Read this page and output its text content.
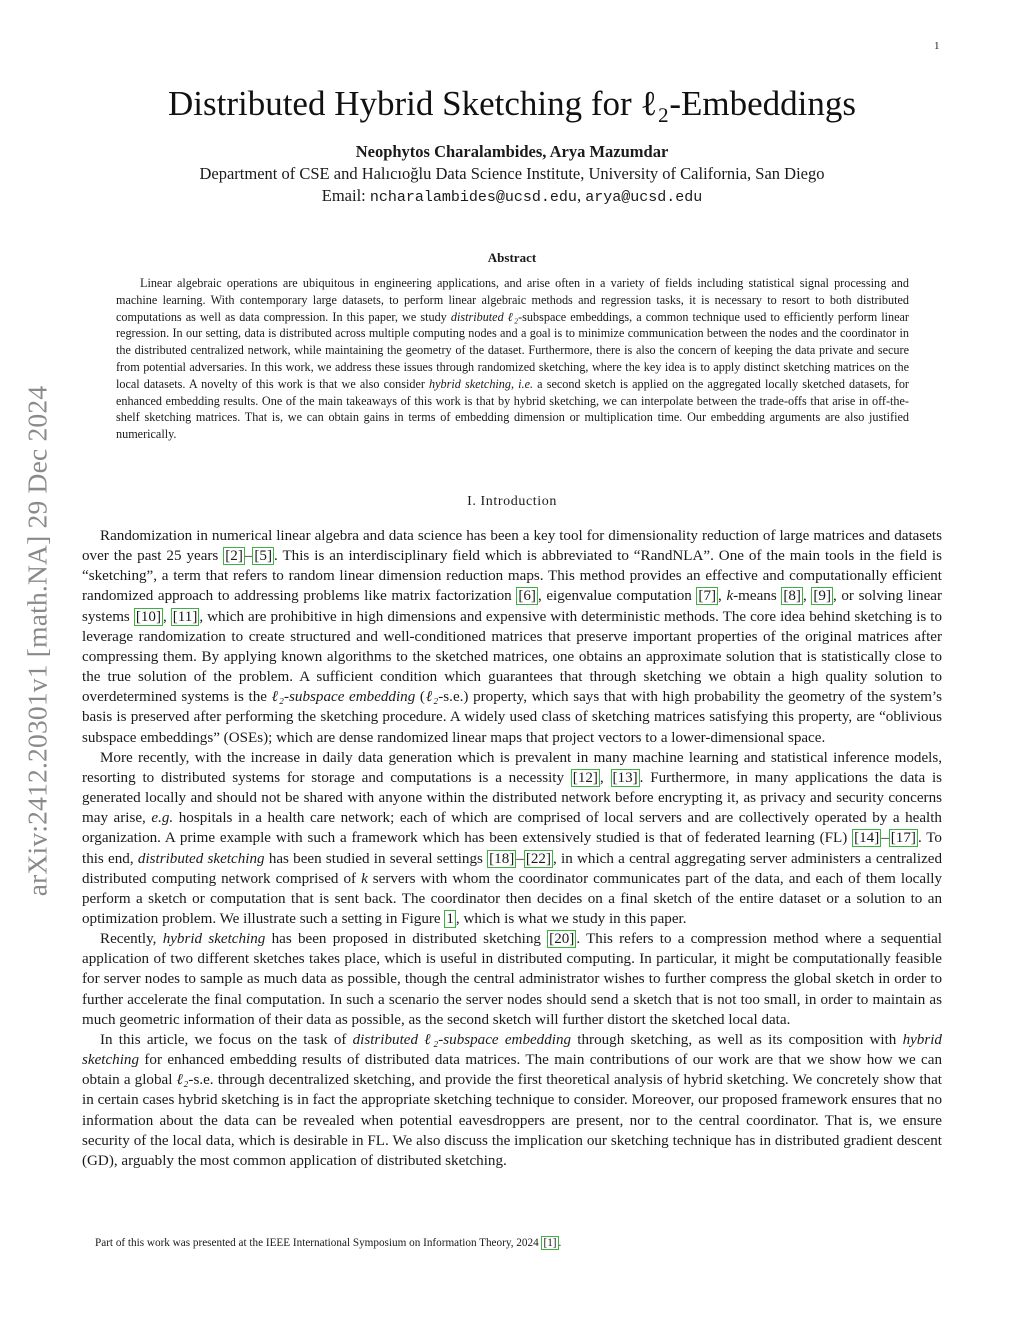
1
arXiv:2412.20301v1 [math.NA] 29 Dec 2024
Distributed Hybrid Sketching for ℓ₂-Embeddings
Neophytos Charalambides, Arya Mazumdar
Department of CSE and Halıcıoğlu Data Science Institute, University of California, San Diego
Email: ncharalambides@ucsd.edu, arya@ucsd.edu
Abstract

Linear algebraic operations are ubiquitous in engineering applications, and arise often in a variety of fields including statistical signal processing and machine learning. With contemporary large datasets, to perform linear algebraic methods and regression tasks, it is necessary to resort to both distributed computations as well as data compression. In this paper, we study distributed ℓ₂-subspace embeddings, a common technique used to efficiently perform linear regression. In our setting, data is distributed across multiple computing nodes and a goal is to minimize communication between the nodes and the coordinator in the distributed centralized network, while maintaining the geometry of the dataset. Furthermore, there is also the concern of keeping the data private and secure from potential adversaries. In this work, we address these issues through randomized sketching, where the key idea is to apply distinct sketching matrices on the local datasets. A novelty of this work is that we also consider hybrid sketching, i.e. a second sketch is applied on the aggregated locally sketched datasets, for enhanced embedding results. One of the main takeaways of this work is that by hybrid sketching, we can interpolate between the trade-offs that arise in off-the-shelf sketching matrices. That is, we can obtain gains in terms of embedding dimension or multiplication time. Our embedding arguments are also justified numerically.

I. Introduction

Randomization in numerical linear algebra and data science has been a key tool for dimensionality reduction of large matrices and datasets over the past 25 years [2] – [5] . This is an interdisciplinary field which is abbreviated to “RandNLA”. One of the main tools in the field is “sketching”, a term that refers to random linear dimension reduction maps. This method provides an effective and computationally efficient randomized approach to addressing problems like matrix factorization [6] , eigenvalue computation [7] , k-means [8] , [9] , or solving linear systems [10] , [11] , which are prohibitive in high dimensions and expensive with deterministic methods. The core idea behind sketching is to leverage randomization to create structured and well-conditioned matrices that preserve important properties of the original matrices after compressing them. By applying known algorithms to the sketched matrices, one obtains an approximate solution that is statistically close to the true solution of the problem. A sufficient condition which guarantees that through sketching we obtain a high quality solution to overdetermined systems is the ℓ₂-subspace embedding (ℓ₂-s.e.) property, which says that with high probability the geometry of the system’s basis is preserved after performing the sketching procedure. A widely used class of sketching matrices satisfying this property, are “oblivious subspace embeddings” (OSEs); which are dense randomized linear maps that project vectors to a lower-dimensional space.

More recently, with the increase in daily data generation which is prevalent in many machine learning and statistical inference models, resorting to distributed systems for storage and computations is a necessity [12] , [13] . Furthermore, in many applications the data is generated locally and should not be shared with anyone within the distributed network before encrypting it, as privacy and security concerns may arise, e.g. hospitals in a health care network; each of which are comprised of local servers and are collectively operated by a health organization. A prime example with such a framework which has been extensively studied is that of federated learning (FL) [14] – [17] . To this end, distributed sketching has been studied in several settings [18] – [22] , in which a central aggregating server administers a centralized distributed computing network comprised of k servers with whom the coordinator communicates part of the data, and each of them locally perform a sketch or computation that is sent back. The coordinator then decides on a final sketch of the entire dataset or a solution to an optimization problem. We illustrate such a setting in Figure 1 , which is what we study in this paper.

Recently, hybrid sketching has been proposed in distributed sketching [20] . This refers to a compression method where a sequential application of two different sketches takes place, which is useful in distributed computing. In particular, it might be computationally feasible for server nodes to sample as much data as possible, though the central administrator wishes to further compress the global sketch in order to further accelerate the final computation. In such a scenario the server nodes should send a sketch that is not too small, in order to maintain as much geometric information of their data as possible, as the second sketch will further distort the sketched local data.

In this article, we focus on the task of distributed ℓ₂-subspace embedding through sketching, as well as its composition with hybrid sketching for enhanced embedding results of distributed data matrices. The main contributions of our work are that we show how we can obtain a global ℓ₂-s.e. through decentralized sketching, and provide the first theoretical analysis of hybrid sketching. We concretely show that in certain cases hybrid sketching is in fact the appropriate sketching technique to consider. Moreover, our proposed framework ensures that no information about the data can be revealed when potential eavesdroppers are present, nor to the central coordinator. That is, we ensure security of the local data, which is desirable in FL. We also discuss the implication our sketching technique has in distributed gradient descent (GD), arguably the most common application of distributed sketching.

Part of this work was presented at the IEEE International Symposium on Information Theory, 2024 [1] .
